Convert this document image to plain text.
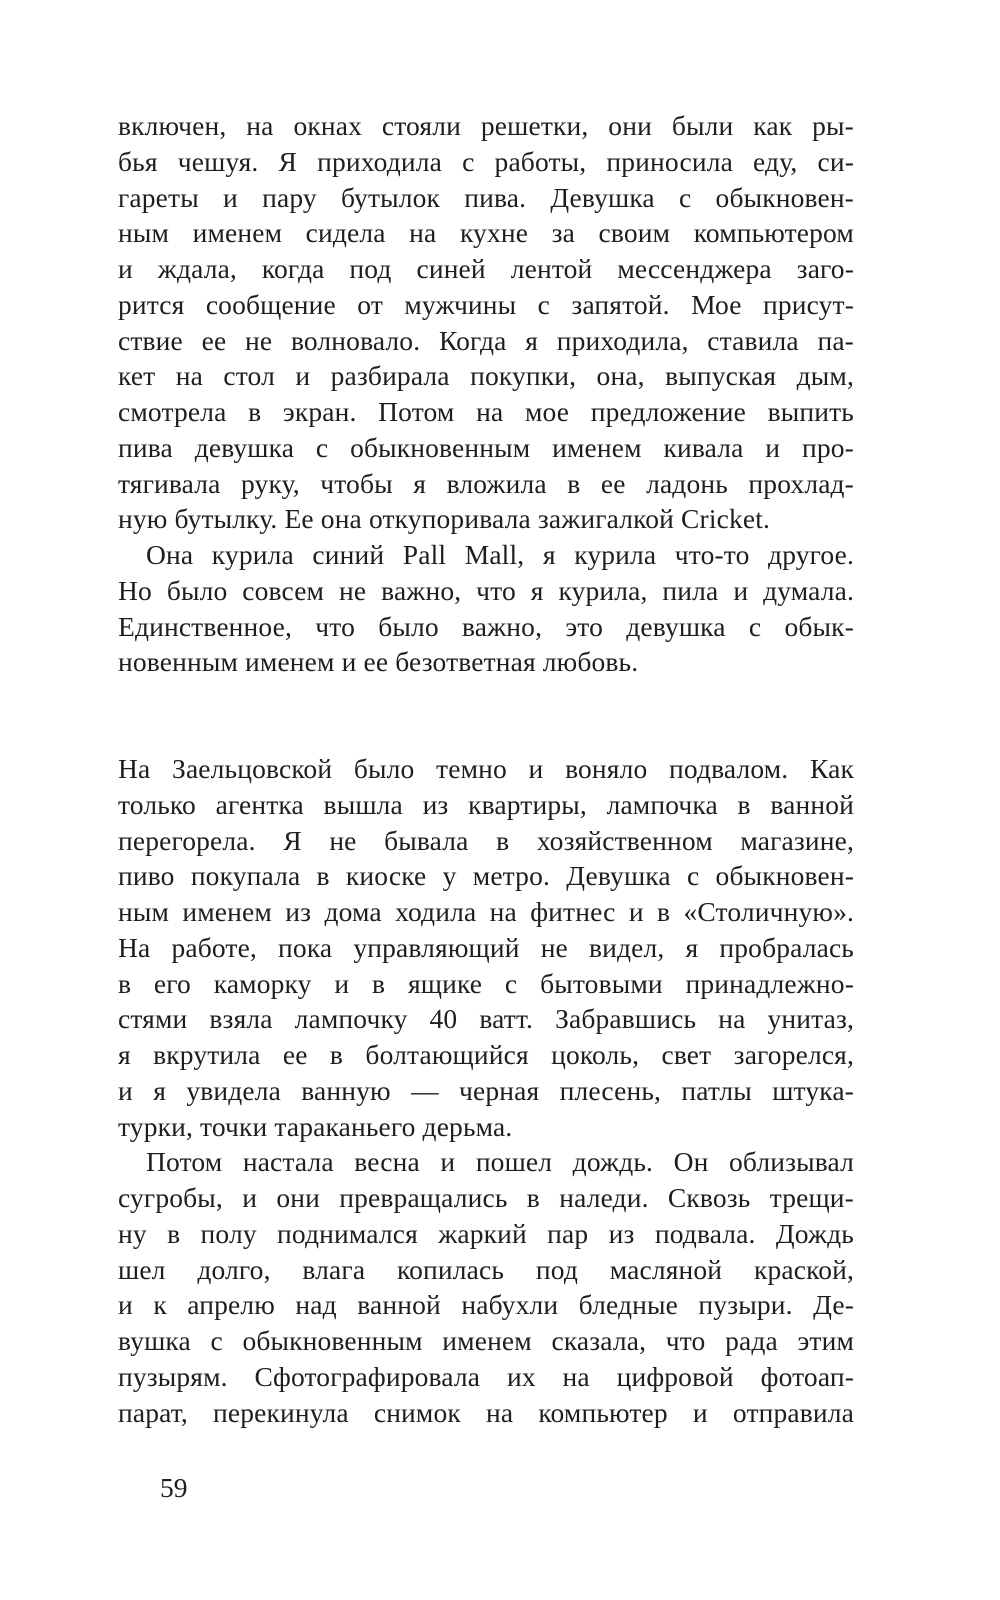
включен, на окнах стояли решетки, они были как ры-
бья чешуя. Я приходила с работы, приносила еду, си-
гареты и пару бутылок пива. Девушка с обыкновен-
ным именем сидела на кухне за своим компьютером
и ждала, когда под синей лентой мессенджера заго-
рится сообщение от мужчины с запятой. Мое присут-
ствие ее не волновало. Когда я приходила, ставила па-
кет на стол и разбирала покупки, она, выпуская дым,
смотрела в экран. Потом на мое предложение выпить
пива девушка с обыкновенным именем кивала и про-
тягивала руку, чтобы я вложила в ее ладонь прохлад-
ную бутылку. Ее она откупоривала зажигалкой Cricket.
Она курила синий Pall Mall, я курила что-то другое.
Но было совсем не важно, что я курила, пила и думала.
Единственное, что было важно, это девушка с обык-
новенным именем и ее безответная любовь.
На Заельцовской было темно и воняло подвалом. Как
только агентка вышла из квартиры, лампочка в ванной
перегорела. Я не бывала в хозяйственном магазине,
пиво покупала в киоске у метро. Девушка с обыкновен-
ным именем из дома ходила на фитнес и в «Столичную».
На работе, пока управляющий не видел, я пробралась
в его каморку и в ящике с бытовыми принадлежно-
стями взяла лампочку 40 ватт. Забравшись на унитаз,
я вкрутила ее в болтающийся цоколь, свет загорелся,
и я увидела ванную — черная плесень, патлы штука-
турки, точки тараканьего дерьма.
Потом настала весна и пошел дождь. Он облизывал
сугробы, и они превращались в наледи. Сквозь трещи-
ну в полу поднимался жаркий пар из подвала. Дождь
шел долго, влага копилась под масляной краской,
и к апрелю над ванной набухли бледные пузыри. Де-
вушка с обыкновенным именем сказала, что рада этим
пузырям. Сфотографировала их на цифровой фотоап-
парат, перекинула снимок на компьютер и отправила
59
